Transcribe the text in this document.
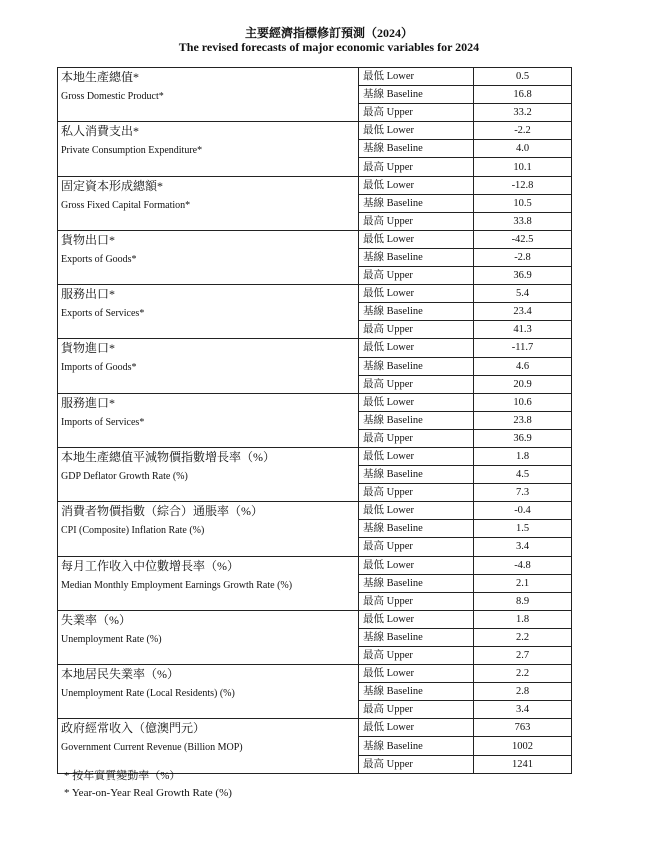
主要經濟指標修訂預測（2024）
The revised forecasts of major economic variables for 2024
本地生產總值*
Gross Domestic Product*	最低 Lower	0.5
	基線 Baseline	16.8
	最高 Upper	33.2

私人消費支出*
Private Consumption Expenditure*	最低 Lower	-2.2
	基線 Baseline	4.0
	最高 Upper	10.1

固定資本形成總額*
Gross Fixed Capital Formation*	最低 Lower	-12.8
	基線 Baseline	10.5
	最高 Upper	33.8

貨物出口*
Exports of Goods*	最低 Lower	-42.5
	基線 Baseline	-2.8
	最高 Upper	36.9

服務出口*
Exports of Services*	最低 Lower	5.4
	基線 Baseline	23.4
	最高 Upper	41.3

貨物進口*
Imports of Goods*	最低 Lower	-11.7
	基線 Baseline	4.6
	最高 Upper	20.9

服務進口*
Imports of Services*	最低 Lower	10.6
	基線 Baseline	23.8
	最高 Upper	36.9

本地生產總值平減物價指數增長率（%）
GDP Deflator Growth Rate (%)	最低 Lower	1.8
	基線 Baseline	4.5
	最高 Upper	7.3

消費者物價指數（綜合）通脹率（%）
CPI (Composite) Inflation Rate (%)	最低 Lower	-0.4
	基線 Baseline	1.5
	最高 Upper	3.4

每月工作收入中位數增長率（%）
Median Monthly Employment Earnings Growth Rate (%)	最低 Lower	-4.8
	基線 Baseline	2.1
	最高 Upper	8.9

失業率（%）
Unemployment Rate (%)	最低 Lower	1.8
	基線 Baseline	2.2
	最高 Upper	2.7

本地居民失業率（%）
Unemployment Rate (Local Residents) (%)	最低 Lower	2.2
	基線 Baseline	2.8
	最高 Upper	3.4

政府經常收入（億澳門元）
Government Current Revenue (Billion MOP)	最低 Lower	763
	基線 Baseline	1002
	最高 Upper	1241
* 按年實質變動率（%）
* Year-on-Year Real Growth Rate (%)
